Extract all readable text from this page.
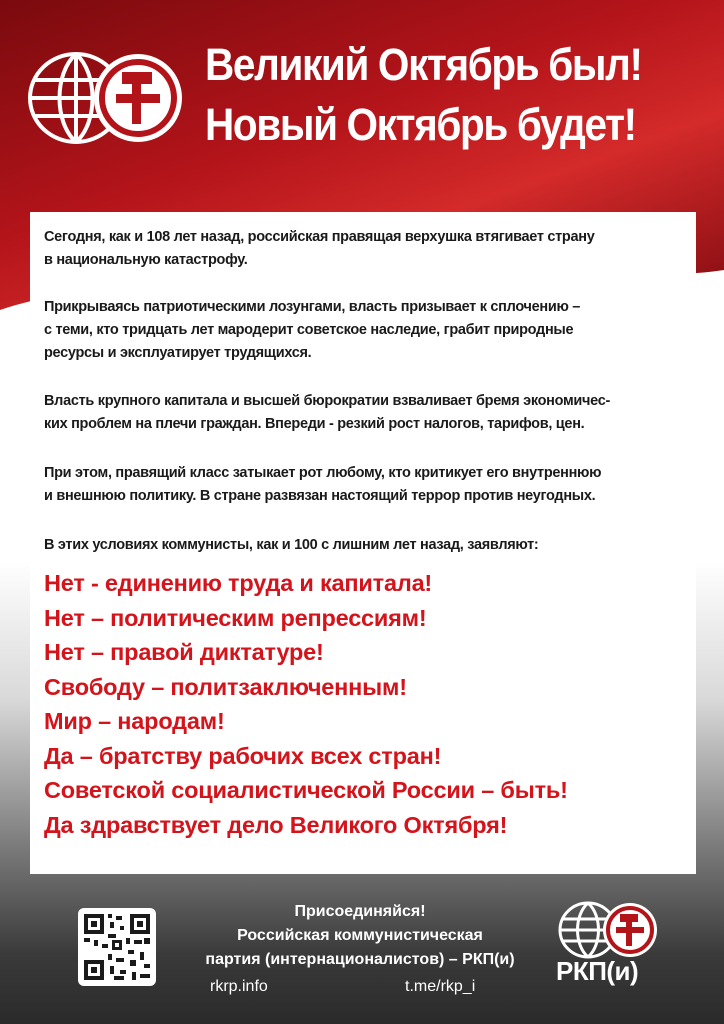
Великий Октябрь был!
Новый Октябрь будет!
Сегодня, как и 108 лет назад, российская правящая верхушка втягивает страну
в национальную катастрофу.
Прикрываясь патриотическими лозунгами, власть призывает к сплочению –
с теми, кто тридцать лет мародерит советское наследие, грабит природные
ресурсы и эксплуатирует трудящихся.
Власть крупного капитала и высшей бюрократии взваливает бремя экономичес-
ких проблем на плечи граждан. Впереди - резкий рост налогов, тарифов, цен.
При этом, правящий класс затыкает рот любому, кто критикует его внутреннюю
и внешнюю политику. В стране развязан настоящий террор против неугодных.
В этих условиях коммунисты, как и 100 с лишним лет назад, заявляют:
Нет - единению труда и капитала!
Нет – политическим репрессиям!
Нет – правой диктатуре!
Свободу – политзаключенным!
Мир – народам!
Да – братству рабочих всех стран!
Советской социалистической России – быть!
Да здравствует дело Великого Октября!
Присоединяйся!
Российская коммунистическая
партия (интернационалистов) – РКП(и)
rkrp.info	t.me/rkp_i
РКП(и)
